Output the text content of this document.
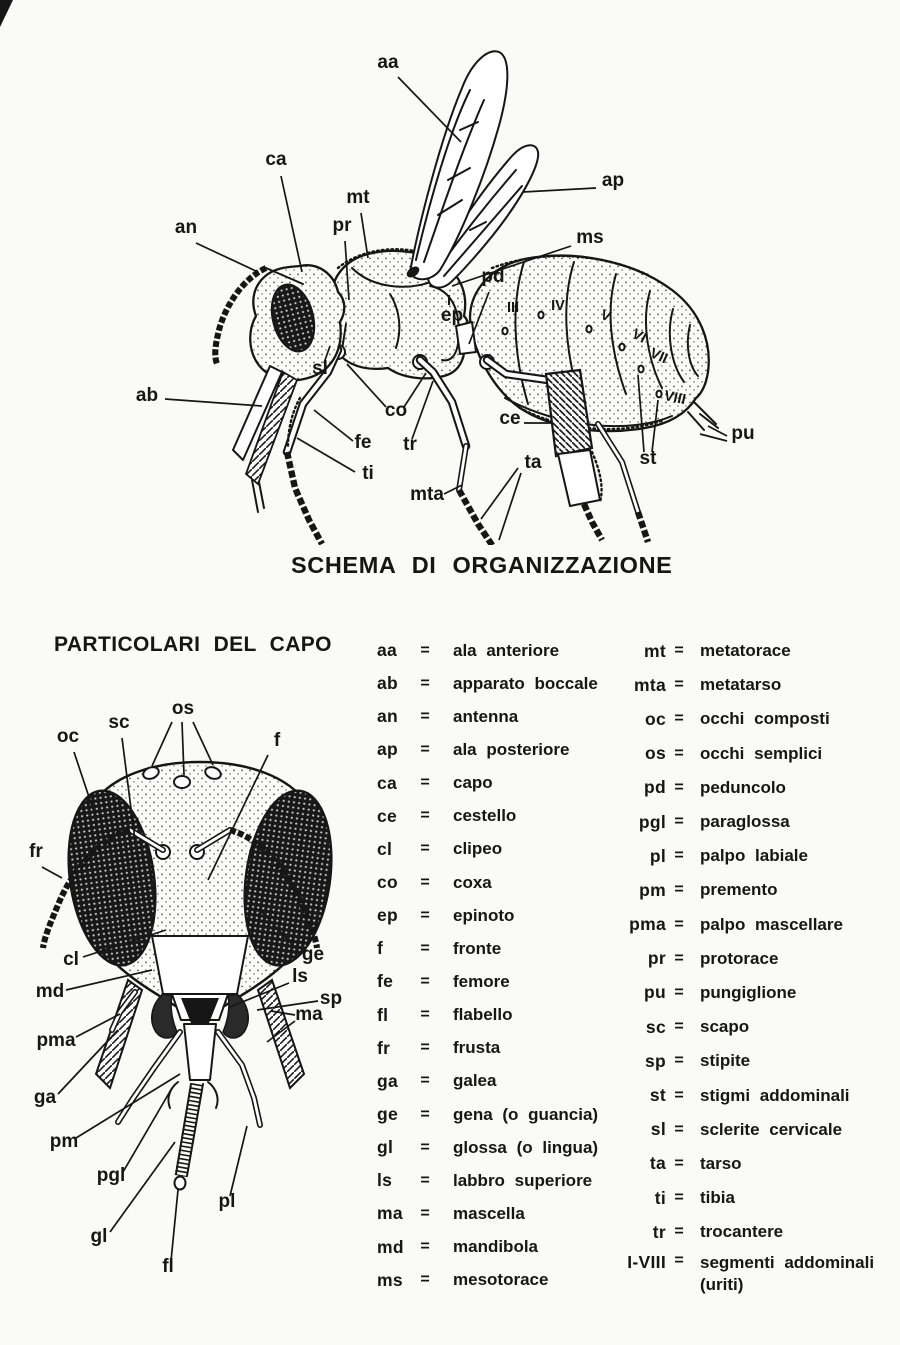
aa
ca
mt
pr
an
ap
ms
pd
I
ep
ab
sl
co
fe tr
ti
mta
ce
ta	st
pu
III IV
V
VI
VII
VIII
SCHEMA DI ORGANIZZAZIONE
PARTICOLARI DEL CAPO
os
sc
oc	f
fr
cl
md
pma
ga
pm
pgl
gl
fl
pl
ge
ls
sp
ma
aa	=	ala anteriore
ab	=	apparato boccale
an	=	antenna
ap	=	ala posteriore
ca	=	capo
ce	=	cestello
cl	=	clipeo
co	=	coxa
ep	=	epinoto
f	=	fronte
fe	=	femore
fl	=	flabello
fr	=	frusta
ga	=	galea
ge	=	gena (o guancia)
gl	=	glossa (o lingua)
ls	=	labbro superiore
ma	=	mascella
md	=	mandibola
ms	=	mesotorace
mt = metatorace
mta = metatarso
oc = occhi composti
os = occhi semplici
pd = peduncolo
pgl = paraglossa
pl = palpo labiale
pm = premento
pma = palpo mascellare
pr = protorace
pu = pungiglione
sc = scapo
sp = stipite
st = stigmi addominali
sl = sclerite cervicale
ta = tarso
ti = tibia
tr = trocantere
I-VIII = segmenti addominali
(uriti)
